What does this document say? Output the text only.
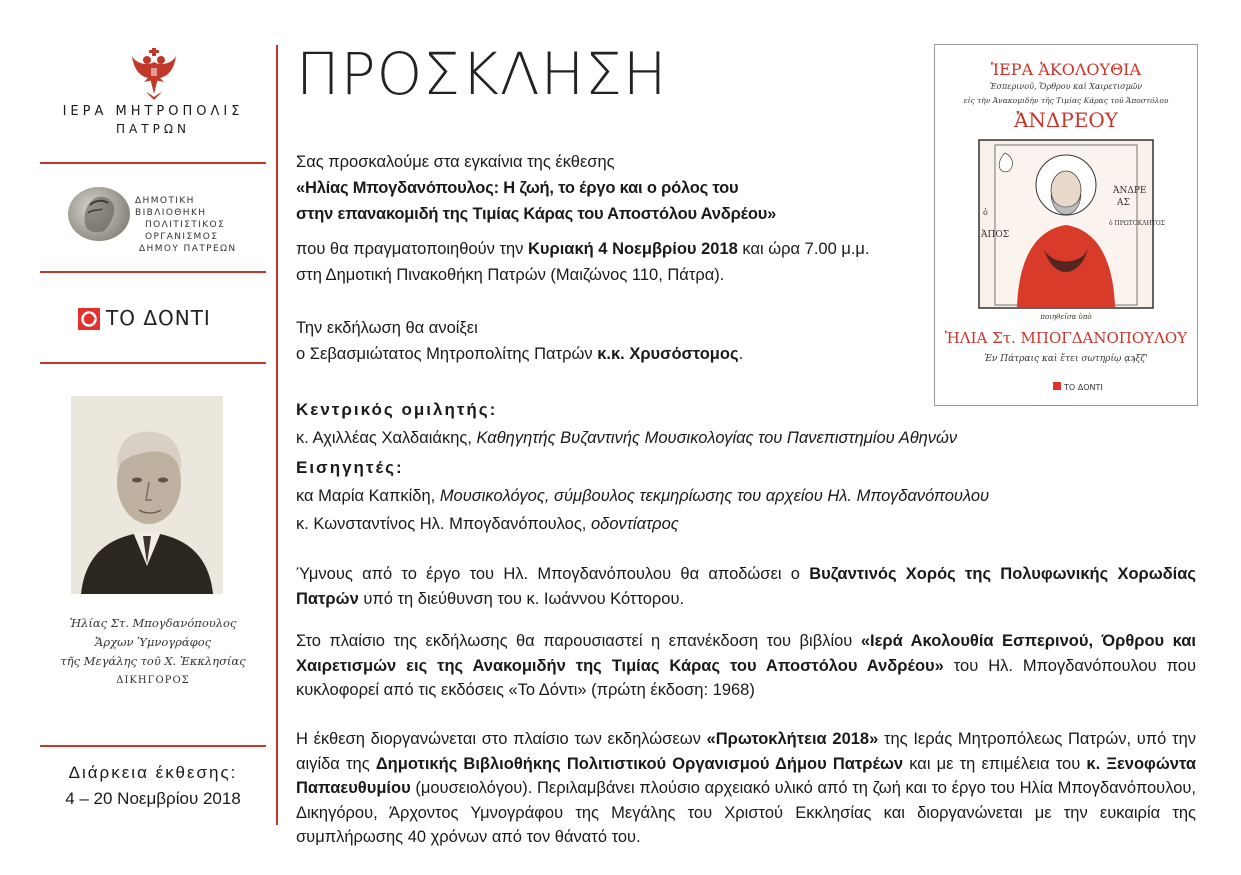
ΙΕΡΑ ΜΗΤΡΟΠΟΛΙΣ
ΠΑΤΡΩΝ
ΔΗΜΟΤΙΚΗ ΒΙΒΛΙΟΘΗΚΗ
ΠΟΛΙΤΙΣΤΙΚΟΣ
ΟΡΓΑΝΙΣΜΟΣ
ΔΗΜΟΥ ΠΑΤΡΕΩΝ
ΤΟ ΔΟΝΤΙ
Ἠλίας Στ. Μπογδανόπουλος
Ἄρχων Ὑμνογράφος
τῆς Μεγάλης τοῦ Χ. Ἐκκλησίας
ΔΙΚΗΓΟΡΟΣ
Διάρκεια έκθεσης:
4 – 20 Νοεμβρίου 2018
ΠΡΟΣΚΛΗΣΗ
Σας προσκαλούμε στα εγκαίνια της έκθεσης
«Ηλίας Μπογδανόπουλος: Η ζωή, το έργο και ο ρόλος του
στην επανακομιδή της Τιμίας Κάρας του Αποστόλου Ανδρέου»
που θα πραγματοποιηθούν την Κυριακή 4 Νοεμβρίου 2018 και ώρα 7.00 μ.μ.
στη Δημοτική Πινακοθήκη Πατρών (Μαιζώνος 110, Πάτρα).
Την εκδήλωση θα ανοίξει
ο Σεβασμιώτατος Μητροπολίτης Πατρών κ.κ. Χρυσόστομος.
Κεντρικός ομιλητής:
κ. Αχιλλέας Χαλδαιάκης, Καθηγητής Βυζαντινής Μουσικολογίας του Πανεπιστημίου Αθηνών
Εισηγητές:
κα Μαρία Καπκίδη, Μουσικολόγος, σύμβουλος τεκμηρίωσης του αρχείου Ηλ. Μπογδανόπουλου
κ. Κωνσταντίνος Ηλ. Μπογδανόπουλος, οδοντίατρος
Ύμνους από το έργο του Ηλ. Μπογδανόπουλου θα αποδώσει ο Βυζαντινός Χορός της Πολυφωνικής Χορωδίας Πατρών υπό τη διεύθυνση του κ. Ιωάννου Κόττορου.
Στο πλαίσιο της εκδήλωσης θα παρουσιαστεί η επανέκδοση του βιβλίου «Ιερά Ακολουθία Εσπερινού, Όρθρου και Χαιρετισμών εις της Ανακομιδήν της Τιμίας Κάρας του Αποστόλου Ανδρέου» του Ηλ. Μπογδανόπουλου που κυκλοφορεί από τις εκδόσεις «Το Δόντι» (πρώτη έκδοση: 1968)
Η έκθεση διοργανώνεται στο πλαίσιο των εκδηλώσεων «Πρωτοκλήτεια 2018» της Ιεράς Μητροπόλεως Πατρών, υπό την αιγίδα της Δημοτικής Βιβλιοθήκης Πολιτιστικού Οργανισμού Δήμου Πατρέων και με τη επιμέλεια του κ. Ξενοφώντα Παπαευθυμίου (μουσειολόγου). Περιλαμβάνει πλούσιο αρχειακό υλικό από τη ζωή και το έργο του Ηλία Μπογδανόπουλου, Δικηγόρου, Άρχοντος Υμνογράφου της Μεγάλης του Χριστού Εκκλησίας και διοργανώνεται με την ευκαιρία της συμπλήρωσης 40 χρόνων από τον θάνατό του.
ἹΕΡΑ ἈΚΟΛΟΥΘΙΑ
Ἑσπερινοῦ, Ὄρθρου καὶ Χαιρετισμῶν
εἰς τὴν Ἀνακομιδὴν τῆς Τιμίας Κάρας τοῦ Ἀποστόλου
ἈΝΔΡΕΟΥ
ὁ
ἈΠΟΣ
ἈΝΔΡΕ
ΑΣ
ὁ ΠΡΩΤΟΚΛΗΤΟΣ
ποιηθεῖσα ὑπὸ
ἩΛΙΑ Στ. ΜΠΟΓΔΑΝΟΠΟΥΛΟΥ
Ἐν Πάτραις καὶ ἔτει σωτηρίῳ ᾳϡξζ'
ΤΟ ΔΟΝΤΙ
